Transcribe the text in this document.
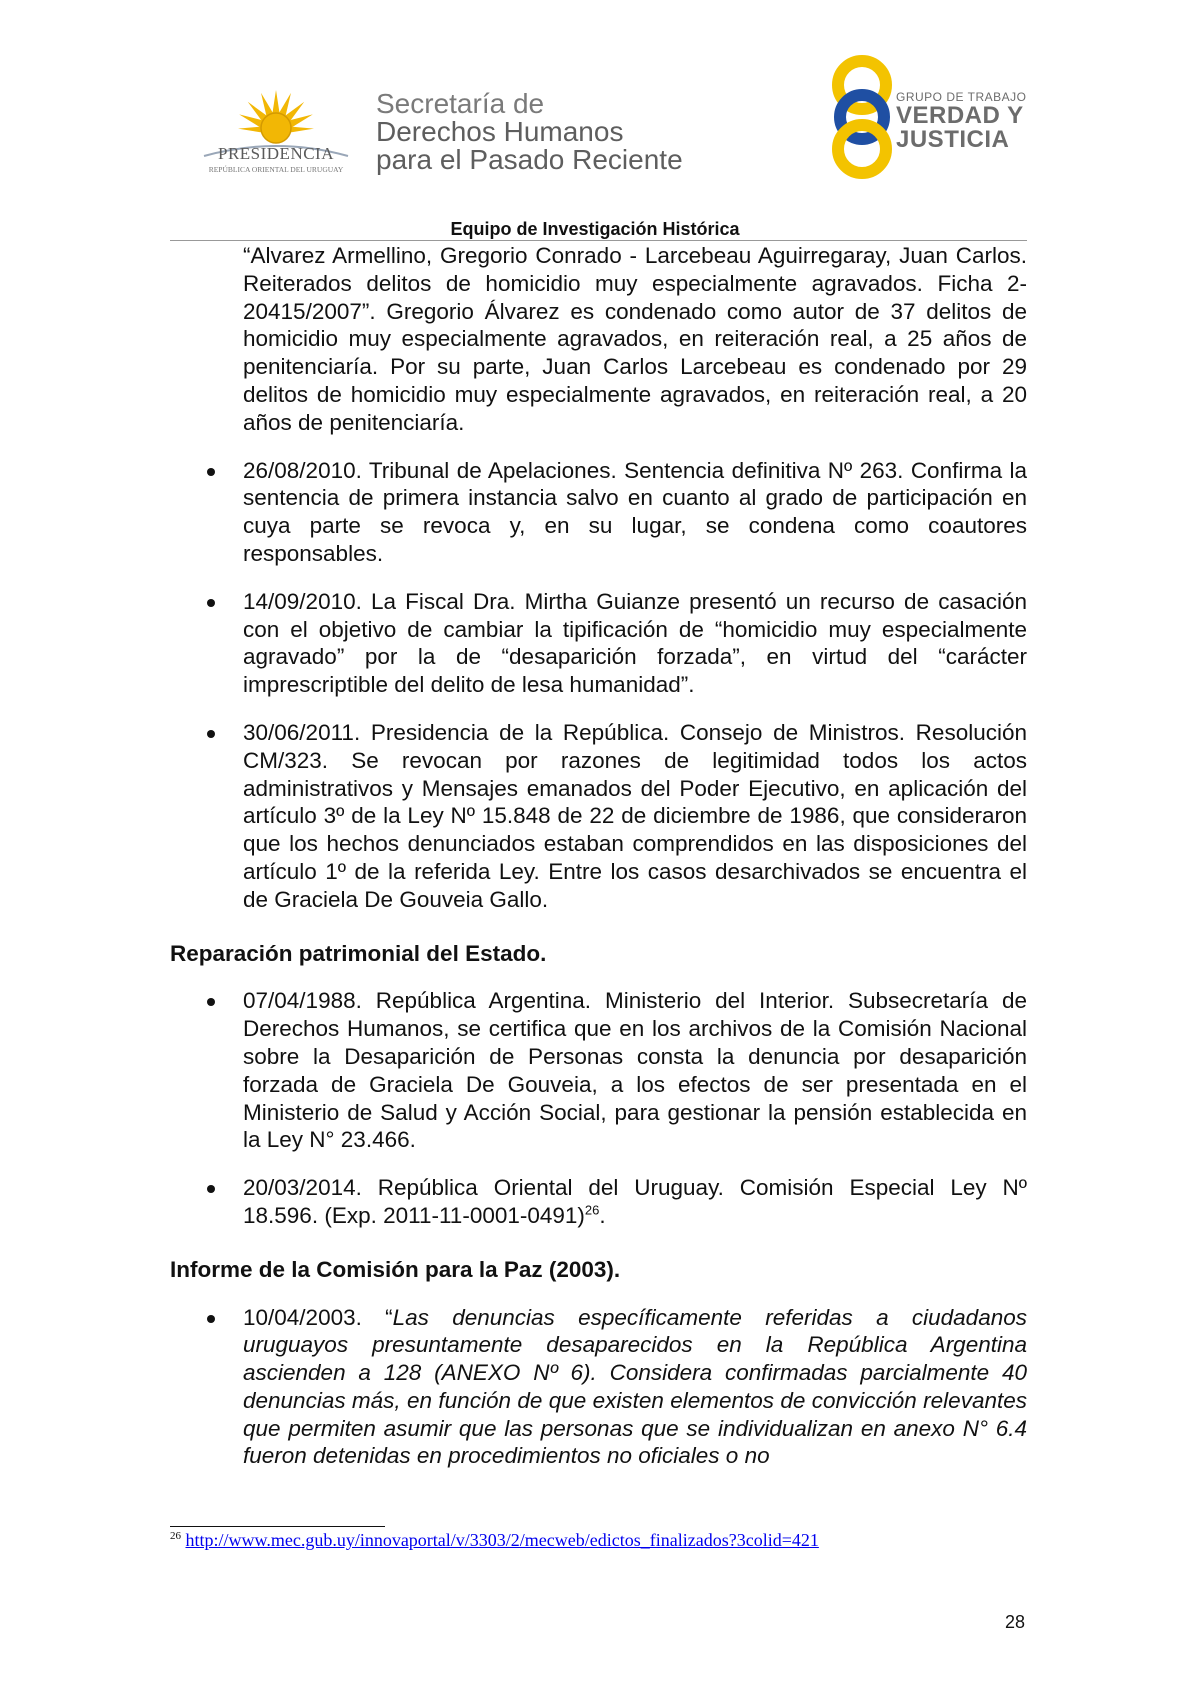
PRESIDENCIA
REPÚBLICA ORIENTAL DEL URUGUAY
Secretaría de
Derechos Humanos
para el Pasado Reciente
GRUPO DE TRABAJO
VERDAD Y
JUSTICIA
Equipo de Investigación Histórica
“Alvarez Armellino, Gregorio Conrado - Larcebeau Aguirregaray, Juan Carlos. Reiterados delitos de homicidio muy especialmente agravados. Ficha 2-20415/2007”. Gregorio Álvarez es condenado como autor de 37 delitos de homicidio muy especialmente agravados, en reiteración real, a 25 años de penitenciaría. Por su parte, Juan Carlos Larcebeau es condenado por 29 delitos de homicidio muy especialmente agravados, en reiteración real, a 20 años de penitenciaría.
26/08/2010. Tribunal de Apelaciones. Sentencia definitiva Nº 263. Confirma la sentencia de primera instancia salvo en cuanto al grado de participación en cuya parte se revoca y, en su lugar, se condena como coautores responsables.
14/09/2010. La Fiscal Dra. Mirtha Guianze presentó un recurso de casación con el objetivo de cambiar la tipificación de “homicidio muy especialmente agravado” por la de “desaparición forzada”, en virtud del “carácter imprescriptible del delito de lesa humanidad”.
30/06/2011. Presidencia de la República. Consejo de Ministros. Resolución CM/323. Se revocan por razones de legitimidad todos los actos administrativos y Mensajes emanados del Poder Ejecutivo, en aplicación del artículo 3º de la Ley Nº 15.848 de 22 de diciembre de 1986, que consideraron que los hechos denunciados estaban comprendidos en las disposiciones del artículo 1º de la referida Ley. Entre los casos desarchivados se encuentra el de Graciela De Gouveia Gallo.
Reparación patrimonial del Estado.
07/04/1988. República Argentina. Ministerio del Interior. Subsecretaría de Derechos Humanos, se certifica que en los archivos de la Comisión Nacional sobre la Desaparición de Personas consta la denuncia por desaparición forzada de Graciela De Gouveia, a los efectos de ser presentada en el Ministerio de Salud y Acción Social, para gestionar la pensión establecida en la Ley N° 23.466.
20/03/2014. República Oriental del Uruguay. Comisión Especial Ley Nº 18.596. (Exp. 2011-11-0001-0491)$^{26}$.
Informe de la Comisión para la Paz (2003).
10/04/2003. “Las denuncias específicamente referidas a ciudadanos uruguayos presuntamente desaparecidos en la República Argentina ascienden a 128 (ANEXO Nº 6). Considera confirmadas parcialmente 40 denuncias más, en función de que existen elementos de convicción relevantes que permiten asumir que las personas que se individualizan en anexo N° 6.4 fueron detenidas en procedimientos no oficiales o no
$^{26}$ http://www.mec.gub.uy/innovaportal/v/3303/2/mecweb/edictos_finalizados?3colid=421
28
